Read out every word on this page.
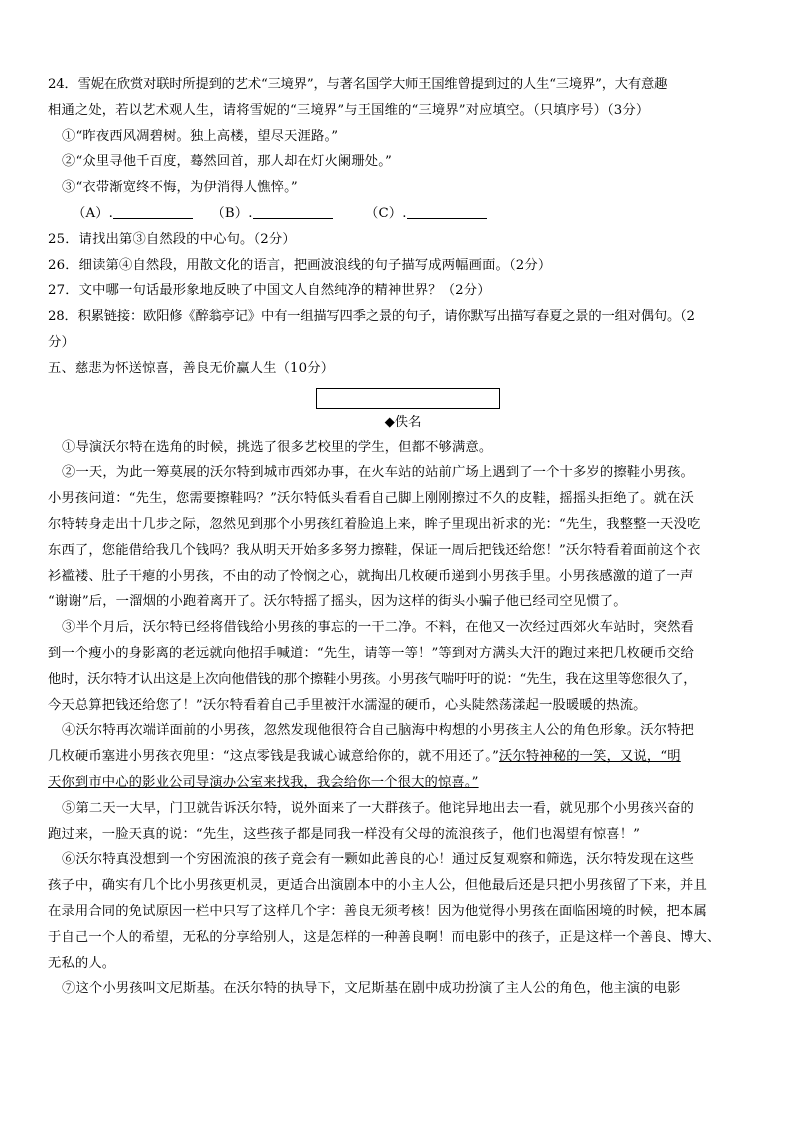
24．雪妮在欣赏对联时所提到的艺术“三境界”，与著名国学大师王国维曾提到过的人生“三境界”，大有意趣
相通之处，若以艺术观人生，请将雪妮的“三境界”与王国维的“三境界”对应填空。（只填序号）（3分）
①“昨夜西风凋碧树。独上高楼，望尽天涯路。”
②“众里寻他千百度，蓦然回首，那人却在灯火阑珊处。”
③“衣带渐宽终不悔，为伊消得人憔悴。”
（A）.	（B）.	（C）.
25．请找出第③自然段的中心句。（2分）
26．细读第④自然段，用散文化的语言，把画波浪线的句子描写成两幅画面。（2分）
27．文中哪一句话最形象地反映了中国文人自然纯净的精神世界？（2分）
28．积累链接：欧阳修《醉翁亭记》中有一组描写四季之景的句子，请你默写出描写春夏之景的一组对偶句。（2
分）
五、慈悲为怀送惊喜，善良无价赢人生（10分）
◆佚名
①导演沃尔特在选角的时候，挑选了很多艺校里的学生，但都不够满意。
②一天，为此一筹莫展的沃尔特到城市西郊办事，在火车站的站前广场上遇到了一个十多岁的擦鞋小男孩。
小男孩问道：“先生，您需要擦鞋吗？”沃尔特低头看看自己脚上刚刚擦过不久的皮鞋，摇摇头拒绝了。就在沃
尔特转身走出十几步之际，忽然见到那个小男孩红着脸追上来，眸子里现出祈求的光：“先生，我整整一天没吃
东西了，您能借给我几个钱吗？我从明天开始多多努力擦鞋，保证一周后把钱还给您！”沃尔特看着面前这个衣
衫褴褛、肚子干瘪的小男孩，不由的动了怜悯之心，就掏出几枚硬币递到小男孩手里。小男孩感激的道了一声
“谢谢”后，一溜烟的小跑着离开了。沃尔特摇了摇头，因为这样的街头小骗子他已经司空见惯了。
③半个月后，沃尔特已经将借钱给小男孩的事忘的一干二净。不料，在他又一次经过西郊火车站时，突然看
到一个瘦小的身影离的老远就向他招手喊道：“先生，请等一等！”等到对方满头大汗的跑过来把几枚硬币交给
他时，沃尔特才认出这是上次向他借钱的那个擦鞋小男孩。小男孩气喘吁吁的说：“先生，我在这里等您很久了，
今天总算把钱还给您了！”沃尔特看着自己手里被汗水濡湿的硬币，心头陡然荡漾起一股暖暖的热流。
④沃尔特再次端详面前的小男孩，忽然发现他很符合自己脑海中构想的小男孩主人公的角色形象。沃尔特把
几枚硬币塞进小男孩衣兜里：“这点零钱是我诚心诚意给你的，就不用还了。”沃尔特神秘的一笑，又说，“明
天你到市中心的影业公司导演办公室来找我，我会给你一个很大的惊喜。”
⑤第二天一大早，门卫就告诉沃尔特，说外面来了一大群孩子。他诧异地出去一看，就见那个小男孩兴奋的
跑过来，一脸天真的说：“先生，这些孩子都是同我一样没有父母的流浪孩子，他们也渴望有惊喜！”
⑥沃尔特真没想到一个穷困流浪的孩子竟会有一颗如此善良的心！通过反复观察和筛选，沃尔特发现在这些
孩子中，确实有几个比小男孩更机灵，更适合出演剧本中的小主人公，但他最后还是只把小男孩留了下来，并且
在录用合同的免试原因一栏中只写了这样几个字：善良无须考核！因为他觉得小男孩在面临困境的时候，把本属
于自己一个人的希望，无私的分享给别人，这是怎样的一种善良啊！而电影中的孩子，正是这样一个善良、博大、
无私的人。
⑦这个小男孩叫文尼斯基。在沃尔特的执导下，文尼斯基在剧中成功扮演了主人公的角色，他主演的电影
